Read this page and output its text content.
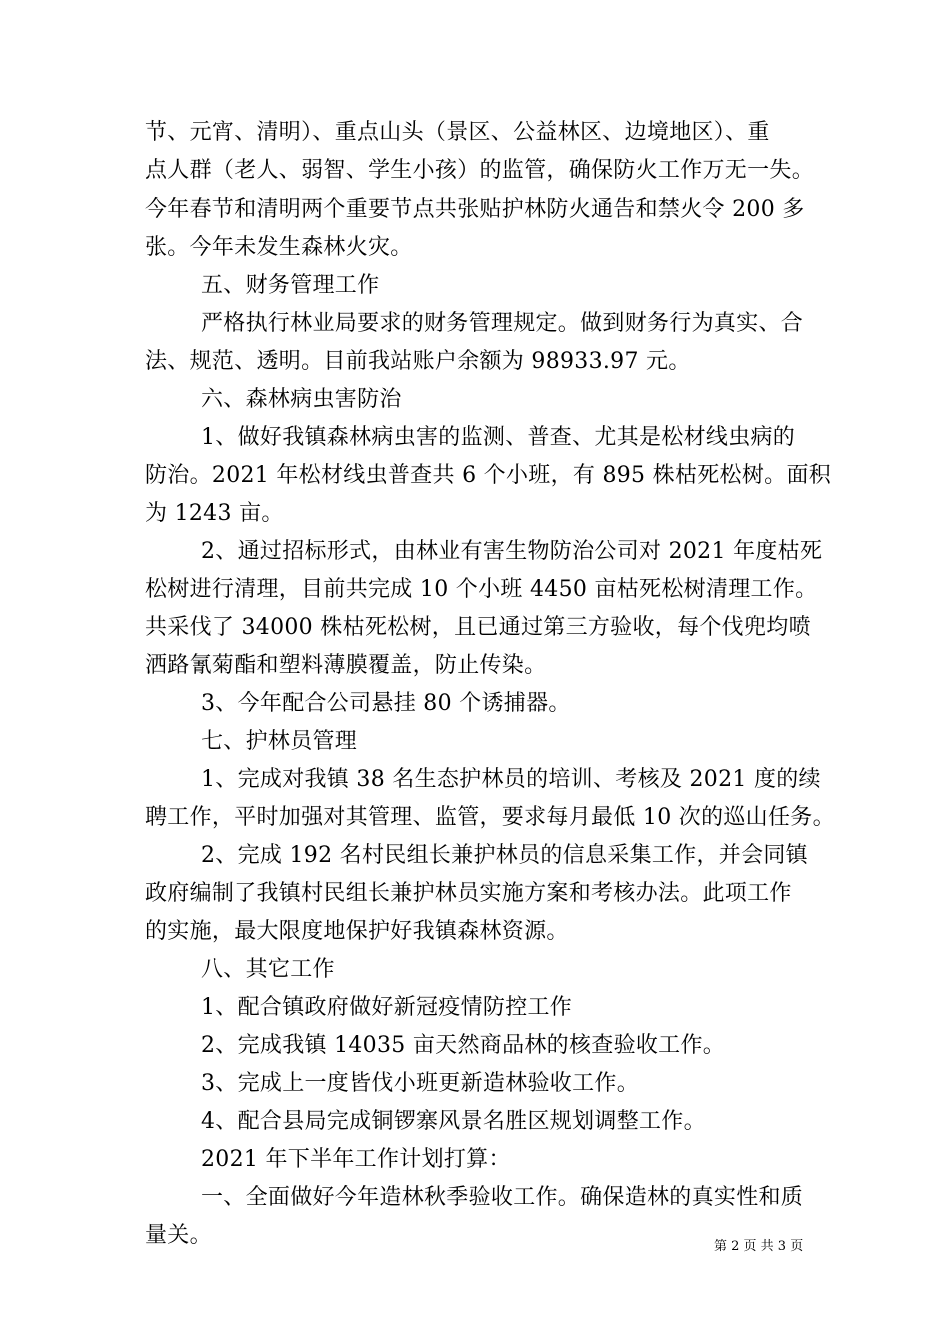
节、元宵、清明）、重点山头（景区、公益林区、边境地区）、重
点人群（老人、弱智、学生小孩）的监管，确保防火工作万无一失。
今年春节和清明两个重要节点共张贴护林防火通告和禁火令 200 多
张。今年未发生森林火灾。
五、财务管理工作
严格执行林业局要求的财务管理规定。做到财务行为真实、合
法、规范、透明。目前我站账户余额为 98933.97 元。
六、森林病虫害防治
1、做好我镇森林病虫害的监测、普查、尤其是松材线虫病的
防治。2021 年松材线虫普查共 6 个小班，有 895 株枯死松树。面积
为 1243 亩。
2、通过招标形式，由林业有害生物防治公司对 2021 年度枯死
松树进行清理，目前共完成 10 个小班 4450 亩枯死松树清理工作。
共采伐了 34000 株枯死松树，且已通过第三方验收，每个伐兜均喷
洒路氰菊酯和塑料薄膜覆盖，防止传染。
3、今年配合公司悬挂 80 个诱捕器。
七、护林员管理
1、完成对我镇 38 名生态护林员的培训、考核及 2021 度的续
聘工作，平时加强对其管理、监管，要求每月最低 10 次的巡山任务。
2、完成 192 名村民组长兼护林员的信息采集工作，并会同镇
政府编制了我镇村民组长兼护林员实施方案和考核办法。此项工作
的实施，最大限度地保护好我镇森林资源。
八、其它工作
1、配合镇政府做好新冠疫情防控工作
2、完成我镇 14035 亩天然商品林的核查验收工作。
3、完成上一度皆伐小班更新造林验收工作。
4、配合县局完成铜锣寨风景名胜区规划调整工作。
2021 年下半年工作计划打算：
一、全面做好今年造林秋季验收工作。确保造林的真实性和质
量关。	第 2 页 共 3 页
